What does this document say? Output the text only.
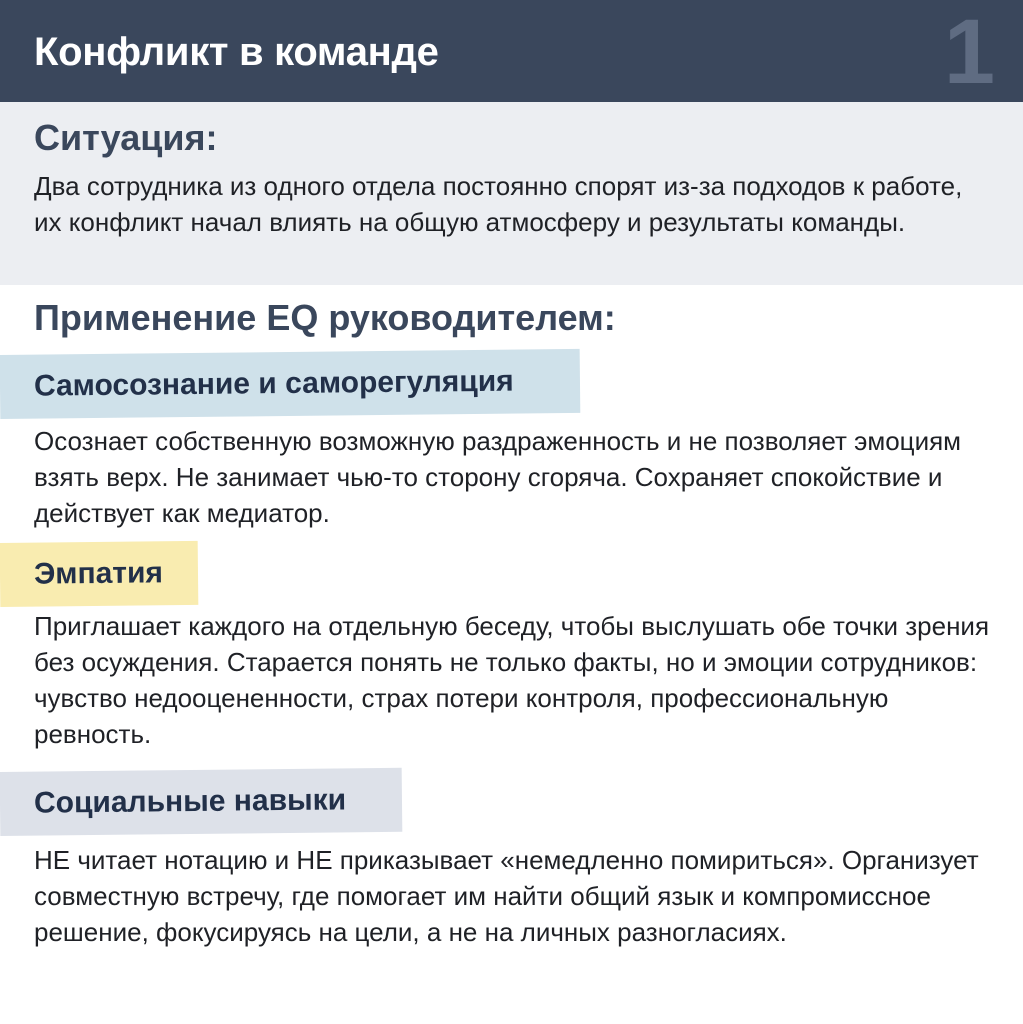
Конфликт в команде	1
Ситуация:
Два сотрудника из одного отдела постоянно спорят из-за подходов к работе, их конфликт начал влиять на общую атмосферу и результаты команды.
Применение EQ руководителем:
Самосознание и саморегуляция
Осознает собственную возможную раздраженность и не позволяет эмоциям взять верх. Не занимает чью-то сторону сгоряча. Сохраняет спокойствие и действует как медиатор.
Эмпатия
Приглашает каждого на отдельную беседу, чтобы выслушать обе точки зрения без осуждения. Старается понять не только факты, но и эмоции сотрудников: чувство недооцененности, страх потери контроля, профессиональную ревность.
Социальные навыки
НЕ читает нотацию и НЕ приказывает «немедленно помириться». Организует совместную встречу, где помогает им найти общий язык и компромиссное решение, фокусируясь на цели, а не на личных разногласиях.
